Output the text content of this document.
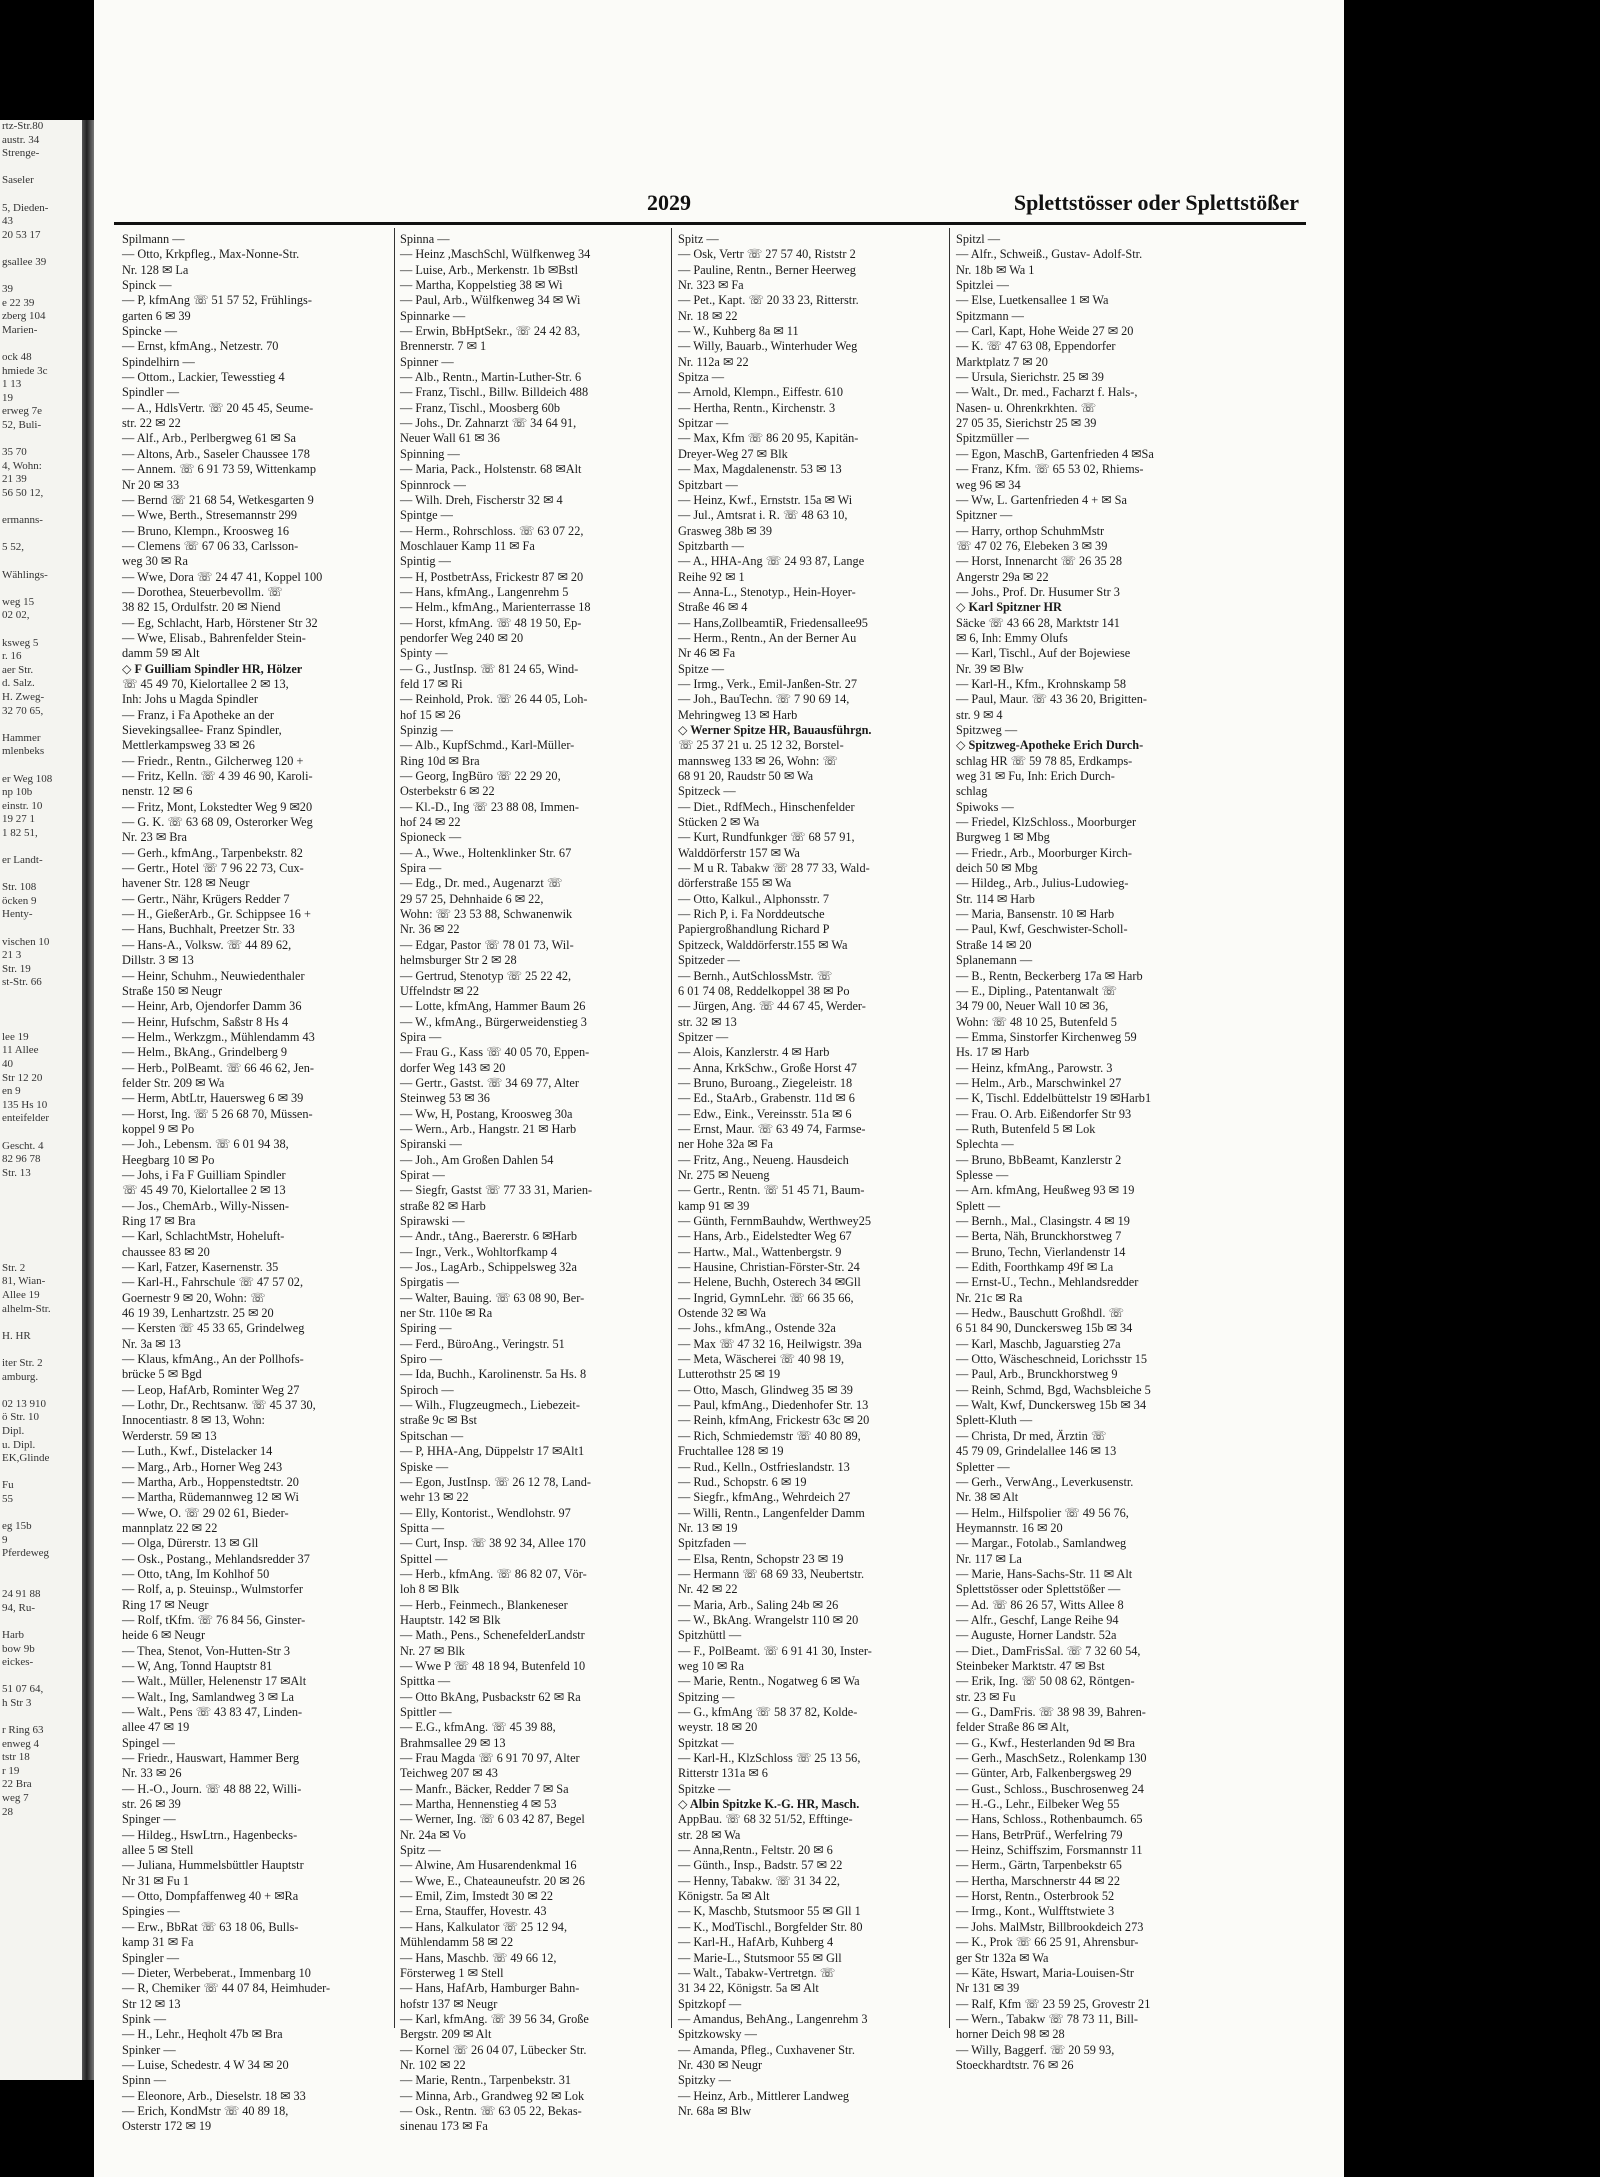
rtz-Str.80
austr. 34
Strenge-

Saseler

5, Dieden-
43
20 53 17

gsallee 39

39
e 22 39
zberg 104
Marien-

ock 48
hmiede 3c
1 13
19
erweg 7e
52, Buli-

35 70
4, Wohn:
21 39
56 50 12,

ermanns-

5 52,

Wählings-

weg 15
02 02,

ksweg 5
r. 16
aer Str.
d. Salz.
H. Zweg-
32 70 65,

Hammer
mlenbeks

er Weg 108
np 10b
einstr. 10
19 27 1
1 82 51,

er Landt-

Str. 108
öcken 9
Henty-

vischen 10
21 3
Str. 19
st-Str. 66

lee 19
11 Allee
40
Str 12 20
en 9
135 Hs 10
enteifelder

Gescht. 4
82 96 78
Str. 13

Str. 2
81, Wian-
Allee 19
alhelm-Str.

H. HR

iter Str. 2
amburg.

02 13 910
ö Str. 10
Dipl.
u. Dipl.
EK,Glinde

Fu
55

eg 15b
9
Pferdeweg

24 91 88
94, Ru-

Harb
bow 9b
eickes-

51 07 64,
h Str 3

r Ring 63
enweg 4
tstr 18
r 19
22 Bra
weg 7
28
2029	Splettstösser oder Splettstößer
Spilmann —
— Otto, Krkpfleg., Max-Nonne-Str.
Nr. 128 ✉ La
Spinck —
— P, kfmAng ☏ 51 57 52, Frühlings-
garten 6 ✉ 39
Spincke —
— Ernst, kfmAng., Netzestr. 70
Spindelhirn —
— Ottom., Lackier, Tewesstieg 4
Spindler —
— A., HdlsVertr. ☏ 20 45 45, Seume-
str. 22 ✉ 22
— Alf., Arb., Perlbergweg 61 ✉ Sa
— Altons, Arb., Saseler Chaussee 178
— Annem. ☏ 6 91 73 59, Wittenkamp
Nr 20 ✉ 33
— Bernd ☏ 21 68 54, Wetkesgarten 9
— Wwe, Berth., Stresemannstr 299
— Bruno, Klempn., Kroosweg 16
— Clemens ☏ 67 06 33, Carlsson-
weg 30 ✉ Ra
— Wwe, Dora ☏ 24 47 41, Koppel 100
— Dorothea, Steuerbevollm. ☏
38 82 15, Ordulfstr. 20 ✉ Niend
— Eg, Schlacht, Harb, Hörstener Str 32
— Wwe, Elisab., Bahrenfelder Stein-
damm 59 ✉ Alt
◇ F Guilliam Spindler HR, Hölzer
☏ 45 49 70, Kielortallee 2 ✉ 13,
Inh: Johs u Magda Spindler
— Franz, i Fa Apotheke an der
Sievekingsallee- Franz Spindler,
Mettlerkampsweg 33 ✉ 26
— Friedr., Rentn., Gilcherweg 120 +
— Fritz, Kelln. ☏ 4 39 46 90, Karoli-
nenstr. 12 ✉ 6
— Fritz, Mont, Lokstedter Weg 9 ✉20
— G. K. ☏ 63 68 09, Osterorker Weg
Nr. 23 ✉ Bra
— Gerh., kfmAng., Tarpenbekstr. 82
— Gertr., Hotel ☏ 7 96 22 73, Cux-
havener Str. 128 ✉ Neugr
— Gertr., Nähr, Krügers Redder 7
— H., GießerArb., Gr. Schippsee 16 +
— Hans, Buchhalt, Preetzer Str. 33
— Hans-A., Volksw. ☏ 44 89 62,
Dillstr. 3 ✉ 13
— Heinr, Schuhm., Neuwiedenthaler
Straße 150 ✉ Neugr
— Heinr, Arb, Ojendorfer Damm 36
— Heinr, Hufschm, Saßstr 8 Hs 4
— Helm., Werkzgm., Mühlendamm 43
— Helm., BkAng., Grindelberg 9
— Herb., PolBeamt. ☏ 66 46 62, Jen-
felder Str. 209 ✉ Wa
— Herm, AbtLtr, Hauersweg 6 ✉ 39
— Horst, Ing. ☏ 5 26 68 70, Müssen-
koppel 9 ✉ Po
— Joh., Lebensm. ☏ 6 01 94 38,
Heegbarg 10 ✉ Po
— Johs, i Fa F Guilliam Spindler
☏ 45 49 70, Kielortallee 2 ✉ 13
— Jos., ChemArb., Willy-Nissen-
Ring 17 ✉ Bra
— Karl, SchlachtMstr, Hoheluft-
chaussee 83 ✉ 20
— Karl, Fatzer, Kasernenstr. 35
— Karl-H., Fahrschule ☏ 47 57 02,
Goernestr 9 ✉ 20, Wohn: ☏
46 19 39, Lenhartzstr. 25 ✉ 20
— Kersten ☏ 45 33 65, Grindelweg
Nr. 3a ✉ 13
— Klaus, kfmAng., An der Pollhofs-
brücke 5 ✉ Bgd
— Leop, HafArb, Rominter Weg 27
— Lothr, Dr., Rechtsanw. ☏ 45 37 30,
Innocentiastr. 8 ✉ 13, Wohn:
Werderstr. 59 ✉ 13
— Luth., Kwf., Distelacker 14
— Marg., Arb., Horner Weg 243
— Martha, Arb., Hoppenstedtstr. 20
— Martha, Rüdemannweg 12 ✉ Wi
— Wwe, O. ☏ 29 02 61, Bieder-
mannplatz 22 ✉ 22
— Olga, Dürerstr. 13 ✉ Gll
— Osk., Postang., Mehlandsredder 37
— Otto, tAng, Im Kohlhof 50
— Rolf, a, p. Steuinsp., Wulmstorfer
Ring 17 ✉ Neugr
— Rolf, tKfm. ☏ 76 84 56, Ginster-
heide 6 ✉ Neugr
— Thea, Stenot, Von-Hutten-Str 3
— W, Ang, Tonnd Hauptstr 81
— Walt., Müller, Helenenstr 17 ✉Alt
— Walt., Ing, Samlandweg 3 ✉ La
— Walt., Pens ☏ 43 83 47, Linden-
allee 47 ✉ 19
Spingel —
— Friedr., Hauswart, Hammer Berg
Nr. 33 ✉ 26
— H.-O., Journ. ☏ 48 88 22, Willi-
str. 26 ✉ 39
Spinger —
— Hildeg., HswLtrn., Hagenbecks-
allee 5 ✉ Stell
— Juliana, Hummelsbüttler Hauptstr
Nr 31 ✉ Fu 1
— Otto, Dompfaffenweg 40 + ✉Ra
Spingies —
— Erw., BbRat ☏ 63 18 06, Bulls-
kamp 31 ✉ Fa
Spingler —
— Dieter, Werbeberat., Immenbarg 10
— R, Chemiker ☏ 44 07 84, Heimhuder-
Str 12 ✉ 13
Spink —
— H., Lehr., Heqholt 47b ✉ Bra
Spinker —
— Luise, Schedestr. 4 W 34 ✉ 20
Spinn —
— Eleonore, Arb., Dieselstr. 18 ✉ 33
— Erich, KondMstr ☏ 40 89 18,
Osterstr 172 ✉ 19
Spinna —
— Heinz ,MaschSchl, Wülfkenweg 34
— Luise, Arb., Merkenstr. 1b ✉Bstl
— Martha, Koppelstieg 38 ✉ Wi
— Paul, Arb., Wülfkenweg 34 ✉ Wi
Spinnarke —
— Erwin, BbHptSekr., ☏ 24 42 83,
Brennerstr. 7 ✉ 1
Spinner —
— Alb., Rentn., Martin-Luther-Str. 6
— Franz, Tischl., Billw. Billdeich 488
— Franz, Tischl., Moosberg 60b
— Johs., Dr. Zahnarzt ☏ 34 64 91,
Neuer Wall 61 ✉ 36
Spinning —
— Maria, Pack., Holstenstr. 68 ✉Alt
Spinnrock —
— Wilh. Dreh, Fischerstr 32 ✉ 4
Spintge —
— Herm., Rohrschloss. ☏ 63 07 22,
Moschlauer Kamp 11 ✉ Fa
Spintig —
— H, PostbetrAss, Frickestr 87 ✉ 20
— Hans, kfmAng., Langenrehm 5
— Helm., kfmAng., Marienterrasse 18
— Horst, kfmAng. ☏ 48 19 50, Ep-
pendorfer Weg 240 ✉ 20
Spinty —
— G., JustInsp. ☏ 81 24 65, Wind-
feld 17 ✉ Ri
— Reinhold, Prok. ☏ 26 44 05, Loh-
hof 15 ✉ 26
Spinzig —
— Alb., KupfSchmd., Karl-Müller-
Ring 10d ✉ Bra
— Georg, IngBüro ☏ 22 29 20,
Osterbekstr 6 ✉ 22
— Kl.-D., Ing ☏ 23 88 08, Immen-
hof 24 ✉ 22
Spioneck —
— A., Wwe., Holtenklinker Str. 67
Spira —
— Edg., Dr. med., Augenarzt ☏
29 57 25, Dehnhaide 6 ✉ 22,
Wohn: ☏ 23 53 88, Schwanenwik
Nr. 36 ✉ 22
— Edgar, Pastor ☏ 78 01 73, Wil-
helmsburger Str 2 ✉ 28
— Gertrud, Stenotyp ☏ 25 22 42,
Uffelndstr ✉ 22
— Lotte, kfmAng, Hammer Baum 26
— W., kfmAng., Bürgerweidenstieg 3
Spira —
— Frau G., Kass ☏ 40 05 70, Eppen-
dorfer Weg 143 ✉ 20
— Gertr., Gastst. ☏ 34 69 77, Alter
Steinweg 53 ✉ 36
— Ww, H, Postang, Kroosweg 30a
— Wern., Arb., Hangstr. 21 ✉ Harb
Spiranski —
— Joh., Am Großen Dahlen 54
Spirat —
— Siegfr, Gastst ☏ 77 33 31, Marien-
straße 82 ✉ Harb
Spirawski —
— Andr., tAng., Baererstr. 6 ✉Harb
— Ingr., Verk., Wohltorfkamp 4
— Jos., LagArb., Schippelsweg 32a
Spirgatis —
— Walter, Bauing. ☏ 63 08 90, Ber-
ner Str. 110e ✉ Ra
Spiring —
— Ferd., BüroAng., Veringstr. 51
Spiro —
— Ida, Buchh., Karolinenstr. 5a Hs. 8
Spiroch —
— Wilh., Flugzeugmech., Liebezeit-
straße 9c ✉ Bst
Spitschan —
— P, HHA-Ang, Düppelstr 17 ✉Alt1
Spiske —
— Egon, JustInsp. ☏ 26 12 78, Land-
wehr 13 ✉ 22
— Elly, Kontorist., Wendlohstr. 97
Spitta —
— Curt, Insp. ☏ 38 92 34, Allee 170
Spittel —
— Herb., kfmAng. ☏ 86 82 07, Vör-
loh 8 ✉ Blk
— Herb., Feinmech., Blankeneser
Hauptstr. 142 ✉ Blk
— Math., Pens., SchenefelderLandstr
Nr. 27 ✉ Blk
— Wwe P ☏ 48 18 94, Butenfeld 10
Spittka —
— Otto BkAng, Pusbackstr 62 ✉ Ra
Spittler —
— E.G., kfmAng. ☏ 45 39 88,
Brahmsallee 29 ✉ 13
— Frau Magda ☏ 6 91 70 97, Alter
Teichweg 207 ✉ 43
— Manfr., Bäcker, Redder 7 ✉ Sa
— Martha, Hennenstieg 4 ✉ 53
— Werner, Ing. ☏ 6 03 42 87, Begel
Nr. 24a ✉ Vo
Spitz —
— Alwine, Am Husarendenkmal 16
— Wwe, E., Chateauneufstr. 20 ✉ 26
— Emil, Zim, Imstedt 30 ✉ 22
— Erna, Stauffer, Hovestr. 43
— Hans, Kalkulator ☏ 25 12 94,
Mühlendamm 58 ✉ 22
— Hans, Maschb. ☏ 49 66 12,
Försterweg 1 ✉ Stell
— Hans, HafArb, Hamburger Bahn-
hofstr 137 ✉ Neugr
— Karl, kfmAng. ☏ 39 56 34, Große
Bergstr. 209 ✉ Alt
— Kornel ☏ 26 04 07, Lübecker Str.
Nr. 102 ✉ 22
— Marie, Rentn., Tarpenbekstr. 31
— Minna, Arb., Grandweg 92 ✉ Lok
— Osk., Rentn. ☏ 63 05 22, Bekas-
sinenau 173 ✉ Fa
Spitz —
— Osk, Vertr ☏ 27 57 40, Riststr 2
— Pauline, Rentn., Berner Heerweg
Nr. 323 ✉ Fa
— Pet., Kapt. ☏ 20 33 23, Ritterstr.
Nr. 18 ✉ 22
— W., Kuhberg 8a ✉ 11
— Willy, Bauarb., Winterhuder Weg
Nr. 112a ✉ 22
Spitza —
— Arnold, Klempn., Eiffestr. 610
— Hertha, Rentn., Kirchenstr. 3
Spitzar —
— Max, Kfm ☏ 86 20 95, Kapitän-
Dreyer-Weg 27 ✉ Blk
— Max, Magdalenenstr. 53 ✉ 13
Spitzbart —
— Heinz, Kwf., Ernststr. 15a ✉ Wi
— Jul., Amtsrat i. R. ☏ 48 63 10,
Grasweg 38b ✉ 39
Spitzbarth —
— A., HHA-Ang ☏ 24 93 87, Lange
Reihe 92 ✉ 1
— Anna-L., Stenotyp., Hein-Hoyer-
Straße 46 ✉ 4
— Hans,ZollbeamtiR, Friedensallee95
— Herm., Rentn., An der Berner Au
Nr 46 ✉ Fa
Spitze —
— Irmg., Verk., Emil-Janßen-Str. 27
— Joh., BauTechn. ☏ 7 90 69 14,
Mehringweg 13 ✉ Harb
◇ Werner Spitze HR, Bauausführgn.
☏ 25 37 21 u. 25 12 32, Borstel-
mannsweg 133 ✉ 26, Wohn: ☏
68 91 20, Raudstr 50 ✉ Wa
Spitzeck —
— Diet., RdfMech., Hinschenfelder
Stücken 2 ✉ Wa
— Kurt, Rundfunkger ☏ 68 57 91,
Walddörferstr 157 ✉ Wa
— M u R. Tabakw ☏ 28 77 33, Wald-
dörferstraße 155 ✉ Wa
— Otto, Kalkul., Alphonsstr. 7
— Rich P, i. Fa Norddeutsche
Papiergroßhandlung Richard P
Spitzeck, Walddörferstr.155 ✉ Wa
Spitzeder —
— Bernh., AutSchlossMstr. ☏
6 01 74 08, Reddelkoppel 38 ✉ Po
— Jürgen, Ang. ☏ 44 67 45, Werder-
str. 32 ✉ 13
Spitzer —
— Alois, Kanzlerstr. 4 ✉ Harb
— Anna, KrkSchw., Große Horst 47
— Bruno, Buroang., Ziegeleistr. 18
— Ed., StaArb., Grabenstr. 11d ✉ 6
— Edw., Eink., Vereinsstr. 51a ✉ 6
— Ernst, Maur. ☏ 63 49 74, Farmse-
ner Hohe 32a ✉ Fa
— Fritz, Ang., Neueng. Hausdeich
Nr. 275 ✉ Neueng
— Gertr., Rentn. ☏ 51 45 71, Baum-
kamp 91 ✉ 39
— Günth, FernmBauhdw, Werthwey25
— Hans, Arb., Eidelstedter Weg 67
— Hartw., Mal., Wattenbergstr. 9
— Hausine, Christian-Förster-Str. 24
— Helene, Buchh, Osterech 34 ✉Gll
— Ingrid, GymnLehr. ☏ 66 35 66,
Ostende 32 ✉ Wa
— Johs., kfmAng., Ostende 32a
— Max ☏ 47 32 16, Heilwigstr. 39a
— Meta, Wäscherei ☏ 40 98 19,
Lutterothstr 25 ✉ 19
— Otto, Masch, Glindweg 35 ✉ 39
— Paul, kfmAng., Diedenhofer Str. 13
— Reinh, kfmAng, Frickestr 63c ✉ 20
— Rich, Schmiedemstr ☏ 40 80 89,
Fruchtallee 128 ✉ 19
— Rud., Kelln., Ostfrieslandstr. 13
— Rud., Schopstr. 6 ✉ 19
— Siegfr., kfmAng., Wehrdeich 27
— Willi, Rentn., Langenfelder Damm
Nr. 13 ✉ 19
Spitzfaden —
— Elsa, Rentn, Schopstr 23 ✉ 19
— Hermann ☏ 68 69 33, Neubertstr.
Nr. 42 ✉ 22
— Maria, Arb., Saling 24b ✉ 26
— W., BkAng. Wrangelstr 110 ✉ 20
Spitzhüttl —
— F., PolBeamt. ☏ 6 91 41 30, Inster-
weg 10 ✉ Ra
— Marie, Rentn., Nogatweg 6 ✉ Wa
Spitzing —
— G., kfmAng ☏ 58 37 82, Kolde-
weystr. 18 ✉ 20
Spitzkat —
— Karl-H., KlzSchloss ☏ 25 13 56,
Ritterstr 131a ✉ 6
Spitzke —
◇ Albin Spitzke K.-G. HR, Masch.
AppBau. ☏ 68 32 51/52, Efftinge-
str. 28 ✉ Wa
— Anna,Rentn., Feltstr. 20 ✉ 6
— Günth., Insp., Badstr. 57 ✉ 22
— Henny, Tabakw. ☏ 31 34 22,
Königstr. 5a ✉ Alt
— K, Maschb, Stutsmoor 55 ✉ Gll 1
— K., ModTischl., Borgfelder Str. 80
— Karl-H., HafArb, Kuhberg 4
— Marie-L., Stutsmoor 55 ✉ Gll
— Walt., Tabakw-Vertretgn. ☏
31 34 22, Königstr. 5a ✉ Alt
Spitzkopf —
— Amandus, BehAng., Langenrehm 3
Spitzkowsky —
— Amanda, Pfleg., Cuxhavener Str.
Nr. 430 ✉ Neugr
Spitzky —
— Heinz, Arb., Mittlerer Landweg
Nr. 68a ✉ Blw
Spitzl —
— Alfr., Schweiß., Gustav- Adolf-Str.
Nr. 18b ✉ Wa 1
Spitzlei —
— Else, Luetkensallee 1 ✉ Wa
Spitzmann —
— Carl, Kapt, Hohe Weide 27 ✉ 20
— K. ☏ 47 63 08, Eppendorfer
Marktplatz 7 ✉ 20
— Ursula, Sierichstr. 25 ✉ 39
— Walt., Dr. med., Facharzt f. Hals-,
Nasen- u. Ohrenkrkhten. ☏
27 05 35, Sierichstr 25 ✉ 39
Spitzmüller —
— Egon, MaschB, Gartenfrieden 4 ✉Sa
— Franz, Kfm. ☏ 65 53 02, Rhiems-
weg 96 ✉ 34
— Ww, L. Gartenfrieden 4 + ✉ Sa
Spitzner —
— Harry, orthop SchuhmMstr
☏ 47 02 76, Elebeken 3 ✉ 39
— Horst, Innenarcht ☏ 26 35 28
Angerstr 29a ✉ 22
— Johs., Prof. Dr. Husumer Str 3
◇ Karl Spitzner HR
Säcke ☏ 43 66 28, Marktstr 141
✉ 6, Inh: Emmy Olufs
— Karl, Tischl., Auf der Bojewiese
Nr. 39 ✉ Blw
— Karl-H., Kfm., Krohnskamp 58
— Paul, Maur. ☏ 43 36 20, Brigitten-
str. 9 ✉ 4
Spitzweg —
◇ Spitzweg-Apotheke Erich Durch-
schlag HR ☏ 59 78 85, Erdkamps-
weg 31 ✉ Fu, Inh: Erich Durch-
schlag
Spiwoks —
— Friedel, KlzSchloss., Moorburger
Burgweg 1 ✉ Mbg
— Friedr., Arb., Moorburger Kirch-
deich 50 ✉ Mbg
— Hildeg., Arb., Julius-Ludowieg-
Str. 114 ✉ Harb
— Maria, Bansenstr. 10 ✉ Harb
— Paul, Kwf, Geschwister-Scholl-
Straße 14 ✉ 20
Splanemann —
— B., Rentn, Beckerberg 17a ✉ Harb
— E., Dipling., Patentanwalt ☏
34 79 00, Neuer Wall 10 ✉ 36,
Wohn: ☏ 48 10 25, Butenfeld 5
— Emma, Sinstorfer Kirchenweg 59
Hs. 17 ✉ Harb
— Heinz, kfmAng., Parowstr. 3
— Helm., Arb., Marschwinkel 27
— K, Tischl. Eddelbüttelstr 19 ✉Harb1
— Frau. O. Arb. Eißendorfer Str 93
— Ruth, Butenfeld 5 ✉ Lok
Splechta —
— Bruno, BbBeamt, Kanzlerstr 2
Splesse —
— Arn. kfmAng, Heußweg 93 ✉ 19
Splett —
— Bernh., Mal., Clasingstr. 4 ✉ 19
— Berta, Näh, Brunckhorstweg 7
— Bruno, Techn, Vierlandenstr 14
— Edith, Foorthkamp 49f ✉ La
— Ernst-U., Techn., Mehlandsredder
Nr. 21c ✉ Ra
— Hedw., Bauschutt Großhdl. ☏
6 51 84 90, Dunckersweg 15b ✉ 34
— Karl, Maschb, Jaguarstieg 27a
— Otto, Wäscheschneid, Lorichsstr 15
— Paul, Arb., Brunckhorstweg 9
— Reinh, Schmd, Bgd, Wachsbleiche 5
— Walt, Kwf, Dunckersweg 15b ✉ 34
Splett-Kluth —
— Christa, Dr med, Ärztin ☏
45 79 09, Grindelallee 146 ✉ 13
Spletter —
— Gerh., VerwAng., Leverkusenstr.
Nr. 38 ✉ Alt
— Helm., Hilfspolier ☏ 49 56 76,
Heymannstr. 16 ✉ 20
— Margar., Fotolab., Samlandweg
Nr. 117 ✉ La
— Marie, Hans-Sachs-Str. 11 ✉ Alt
Splettstösser oder Splettstößer —
— Ad. ☏ 86 26 57, Witts Allee 8
— Alfr., Geschf, Lange Reihe 94
— Auguste, Horner Landstr. 52a
— Diet., DamFrisSal. ☏ 7 32 60 54,
Steinbeker Marktstr. 47 ✉ Bst
— Erik, Ing. ☏ 50 08 62, Röntgen-
str. 23 ✉ Fu
— G., DamFris. ☏ 38 98 39, Bahren-
felder Straße 86 ✉ Alt,
— G., Kwf., Hesterlanden 9d ✉ Bra
— Gerh., MaschSetz., Rolenkamp 130
— Günter, Arb, Falkenbergsweg 29
— Gust., Schloss., Buschrosenweg 24
— H.-G., Lehr., Eilbeker Weg 55
— Hans, Schloss., Rothenbaumch. 65
— Hans, BetrPrüf., Werfelring 79
— Heinz, Schiffszim, Forsmannstr 11
— Herm., Gärtn, Tarpenbekstr 65
— Hertha, Marschnerstr 44 ✉ 22
— Horst, Rentn., Osterbrook 52
— Irmg., Kont., Wulfftstwiete 3
— Johs. MalMstr, Billbrookdeich 273
— K., Prok ☏ 66 25 91, Ahrensbur-
ger Str 132a ✉ Wa
— Käte, Hswart, Maria-Louisen-Str
Nr 131 ✉ 39
— Ralf, Kfm ☏ 23 59 25, Grovestr 21
— Wern., Tabakw ☏ 78 73 11, Bill-
horner Deich 98 ✉ 28
— Willy, Baggerf. ☏ 20 59 93,
Stoeckhardtstr. 76 ✉ 26
